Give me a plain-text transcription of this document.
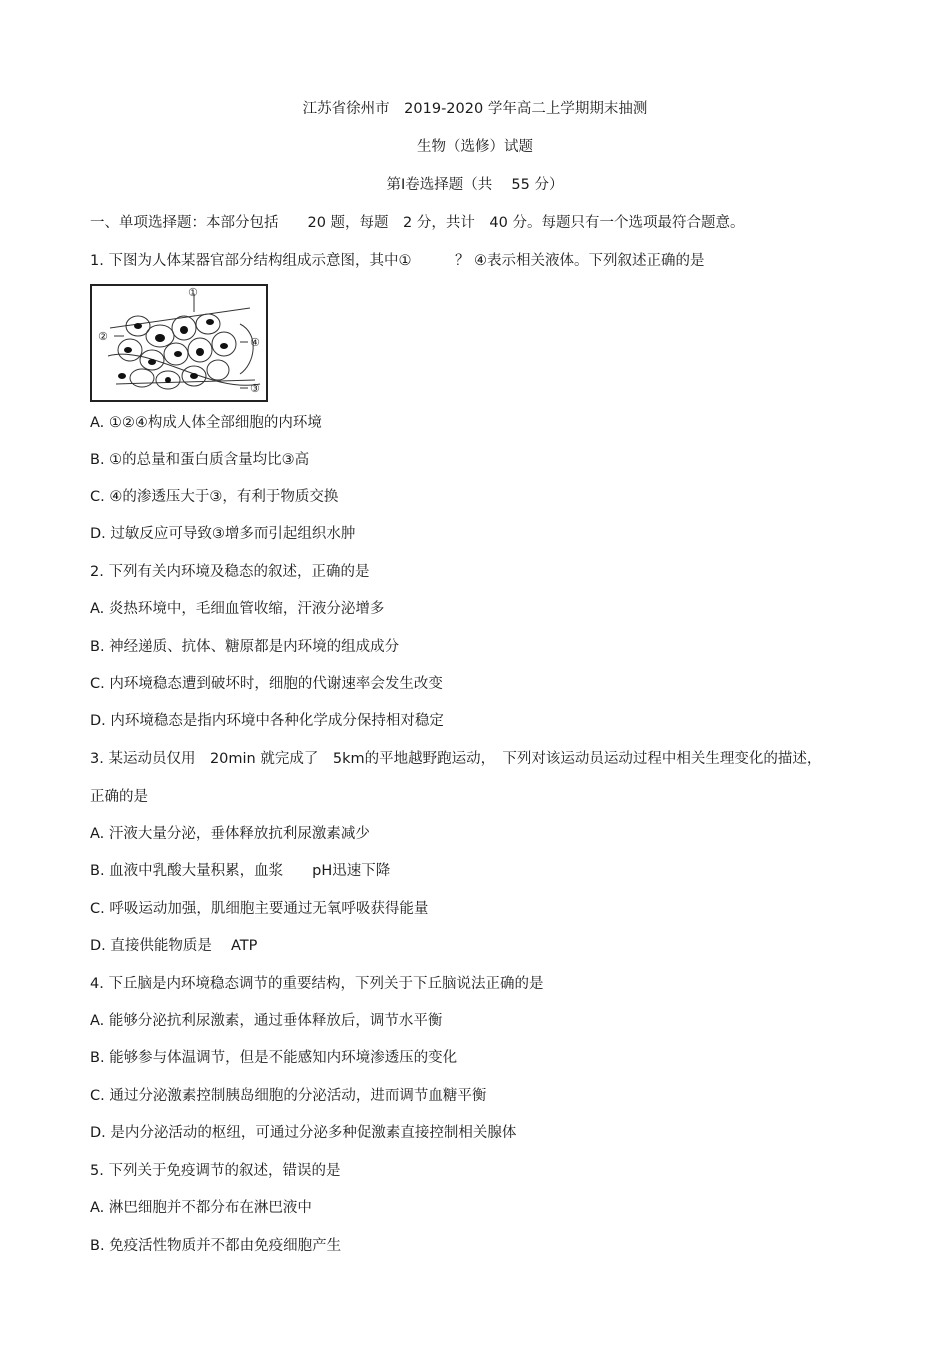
江苏省徐州市　2019-2020 学年高二上学期期末抽测
生物（选修）试题
第Ⅰ卷选择题（共　 55 分）
一、单项选择题：本部分包括　　20 题，每题　2 分，共计　40 分。每题只有一个选项最符合题意。
1. 下图为人体某器官部分结构组成示意图，其中①　　　？ ④表示相关液体。下列叙述正确的是
①
②	④
③
A. ①②④构成人体全部细胞的内环境
B. ①的总量和蛋白质含量均比③高
C. ④的渗透压大于③，有利于物质交换
D. 过敏反应可导致③增多而引起组织水肿
2. 下列有关内环境及稳态的叙述，正确的是
A. 炎热环境中，毛细血管收缩，汗液分泌增多
B. 神经递质、抗体、糖原都是内环境的组成成分
C. 内环境稳态遭到破坏时，细胞的代谢速率会发生改变
D. 内环境稳态是指内环境中各种化学成分保持相对稳定
3. 某运动员仅用　20min 就完成了　5km的平地越野跑运动，　下列对该运动员运动过程中相关生理变化的描述，
正确的是
A. 汗液大量分泌，垂体释放抗利尿激素减少
B. 血液中乳酸大量积累，血浆　　pH迅速下降
C. 呼吸运动加强，肌细胞主要通过无氧呼吸获得能量
D. 直接供能物质是　 ATP
4. 下丘脑是内环境稳态调节的重要结构，下列关于下丘脑说法正确的是
A. 能够分泌抗利尿激素，通过垂体释放后，调节水平衡
B. 能够参与体温调节，但是不能感知内环境渗透压的变化
C. 通过分泌激素控制胰岛细胞的分泌活动，进而调节血糖平衡
D. 是内分泌活动的枢纽，可通过分泌多种促激素直接控制相关腺体
5. 下列关于免疫调节的叙述，错误的是
A. 淋巴细胞并不都分布在淋巴液中
B. 免疫活性物质并不都由免疫细胞产生
